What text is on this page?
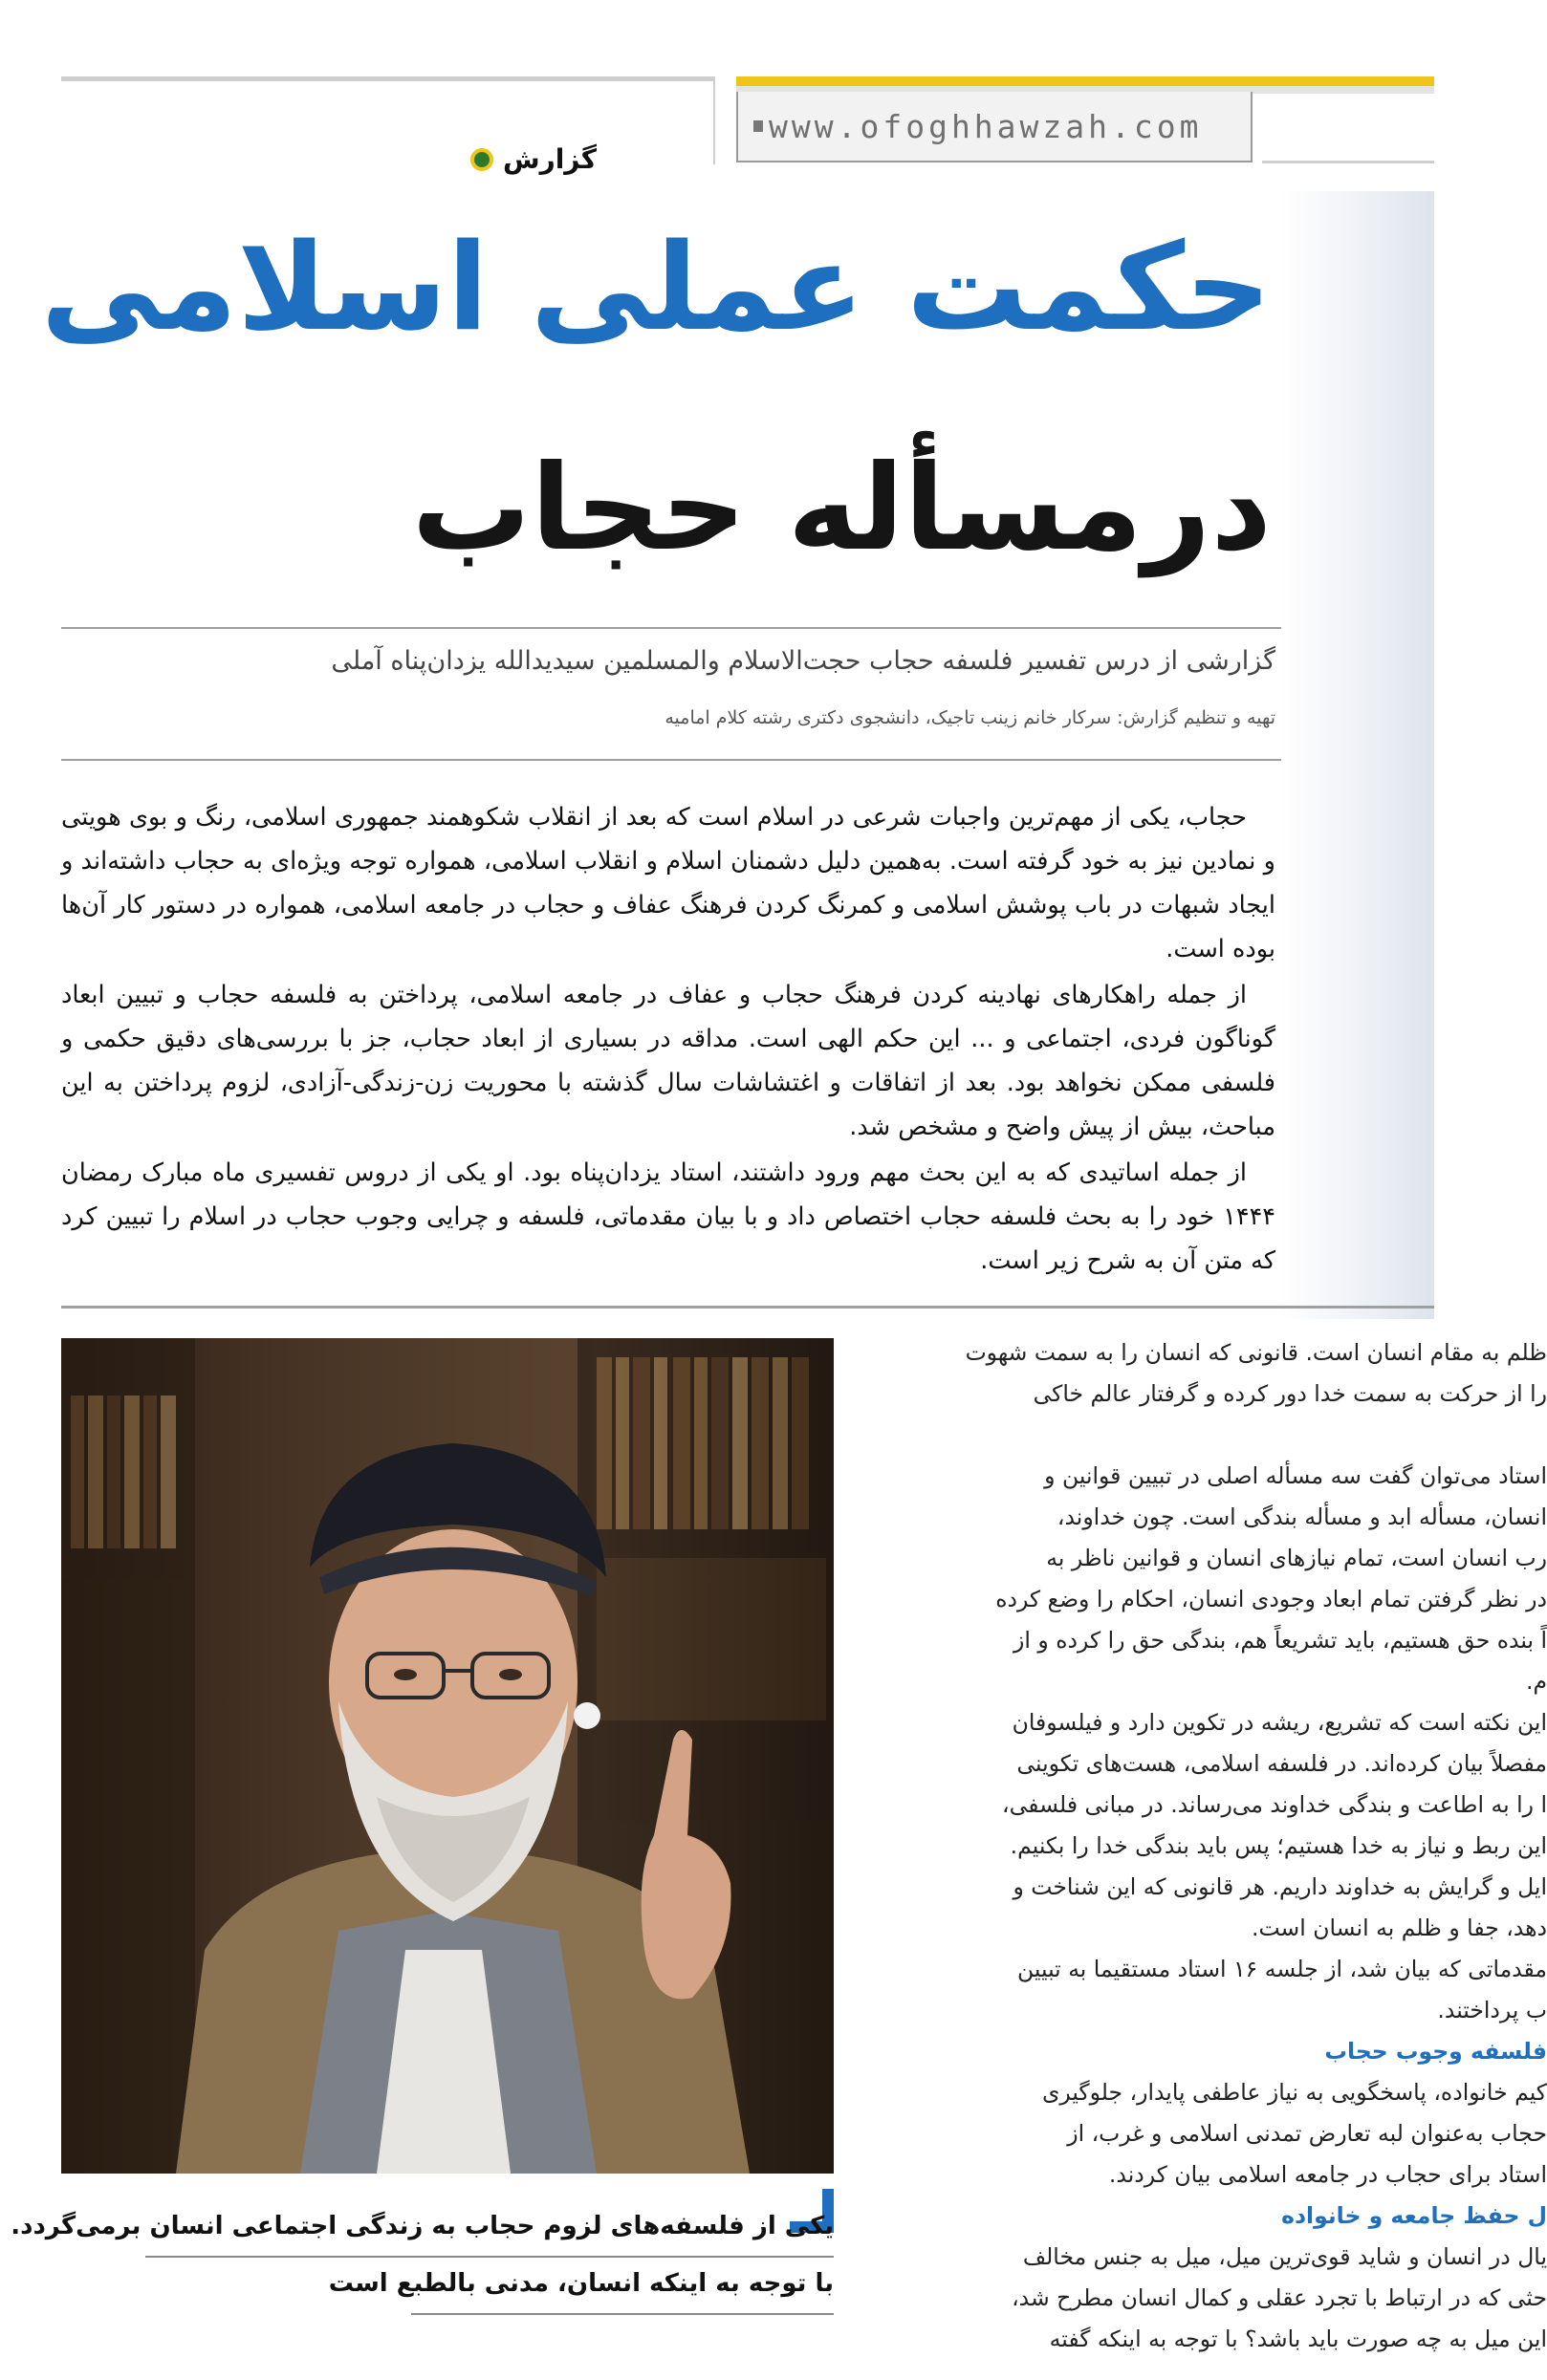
www.ofoghhawzah.com
گزارش
حکمت عملی اسلامی
درمسأله حجاب
گزارشی از درس تفسیر فلسفه حجاب حجت‌الاسلام والمسلمین سیدیدالله یزدان‌پناه آملی
تهیه و تنظیم گزارش: سرکار خانم زینب تاجیک، دانشجوی دکتری رشته کلام امامیه

حجاب، یکی از مهم‌ترین واجبات شرعی در اسلام است که بعد از انقلاب شکوهمند جمهوری اسلامی، رنگ و بوی هویتی و نمادین نیز به خود گرفته است. به‌همین دلیل دشمنان اسلام و انقلاب اسلامی، همواره توجه ویژه‌ای به حجاب داشته‌اند و ایجاد شبهات در باب پوشش اسلامی و کمرنگ کردن فرهنگ عفاف و حجاب در جامعه اسلامی، همواره در دستور کار آن‌ها بوده است.

از جمله راهکارهای نهادینه کردن فرهنگ حجاب و عفاف در جامعه اسلامی، پرداختن به فلسفه حجاب و تبیین ابعاد گوناگون فردی، اجتماعی و ... این حکم الهی است. مداقه در بسیاری از ابعاد حجاب، جز با بررسی‌های دقیق حکمی و فلسفی ممکن نخواهد بود. بعد از اتفاقات و اغتشاشات سال گذشته با محوریت زن-زندگی-آزادی، لزوم پرداختن به این مباحث، بیش از پیش واضح و مشخص شد.

از جمله اساتیدی که به این بحث مهم ورود داشتند، استاد یزدان‌پناه بود. او یکی از دروس تفسیری ماه مبارک رمضان ۱۴۴۴ خود را به بحث فلسفه حجاب اختصاص داد و با بیان مقدماتی، فلسفه و چرایی وجوب حجاب در اسلام را تبیین کرد که متن آن به شرح زیر است.

یکی از فلسفه‌های لزوم حجاب به زندگی اجتماعی انسان برمی‌گردد.
با توجه به اینکه انسان، مدنی بالطبع است
ظلم به مقام انسان است. قانونی که انسان را به سمت شهوت
را از حرکت به سمت خدا دور کرده و گرفتار عالم خاکی
استاد می‌توان گفت سه مسأله اصلی در تبیین قوانین و
انسان، مسأله ابد و مسأله بندگی است. چون خداوند،
رب انسان است، تمام نیازهای انسان و قوانین ناظر به
در نظر گرفتن تمام ابعاد وجودی انسان، احکام را وضع کرده
اً بنده حق هستیم، باید تشریعاً هم، بندگی حق را کرده و از
م.
این نکته است که تشریع، ریشه در تکوین دارد و فیلسوفان
مفصلاً بیان کرده‌اند. در فلسفه اسلامی، هست‌های تکوینی
ا را به اطاعت و بندگی خداوند می‌رساند. در مبانی فلسفی،
این ربط و نیاز به خدا هستیم؛ پس باید بندگی خدا را بکنیم.
ایل و گرایش به خداوند داریم. هر قانونی که این شناخت و
دهد، جفا و ظلم به انسان است.
مقدماتی که بیان شد، از جلسه ۱۶ استاد مستقیما به تبیین
ب پرداختند.
فلسفه وجوب حجاب
کیم خانواده، پاسخگویی به نیاز عاطفی پایدار، جلوگیری
حجاب به‌عنوان لبه تعارض تمدنی اسلامی و غرب، از
استاد برای حجاب در جامعه اسلامی بیان کردند.
ل حفظ جامعه و خانواده
یال در انسان و شاید قوی‌ترین میل، میل به جنس مخالف
حثی که در ارتباط با تجرد عقلی و کمال انسان مطرح شد،
این میل به چه صورت باید باشد؟ با توجه به اینکه گفته
